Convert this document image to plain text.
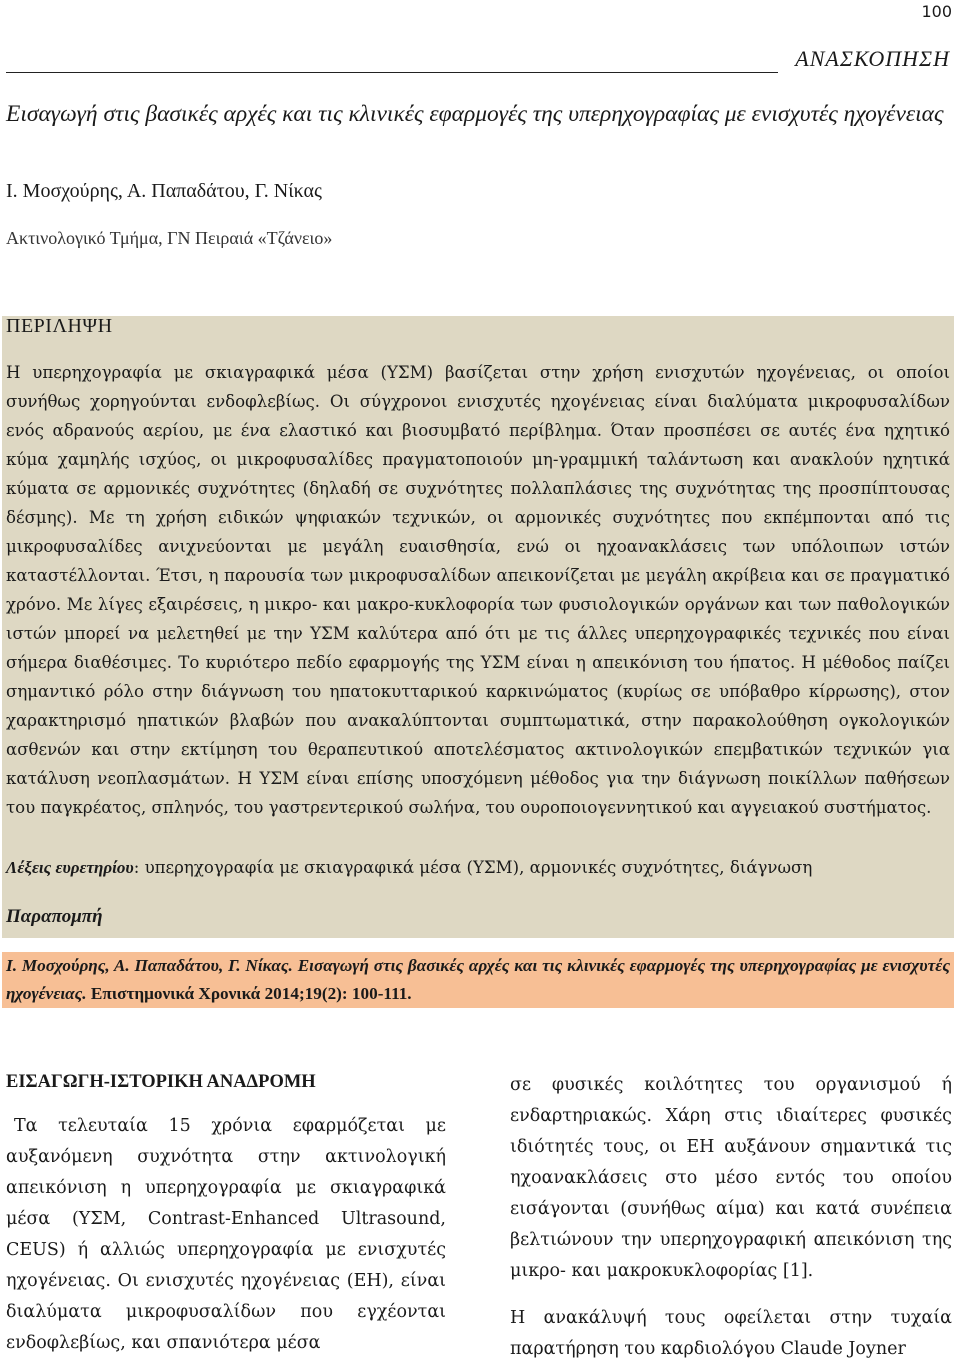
100
ΑΝΑΣΚΟΠΗΣΗ
Εισαγωγή στις βασικές αρχές και τις κλινικές εφαρμογές της υπερηχογραφίας με ενισχυτές ηχογένειας
Ι. Μοσχούρης, Α. Παπαδάτου, Γ. Νίκας
Ακτινολογικό Τμήμα, ΓΝ Πειραιά «Τζάνειο»
ΠΕΡΙΛΗΨΗ
Η υπερηχογραφία με σκιαγραφικά μέσα (ΥΣΜ) βασίζεται στην χρήση ενισχυτών ηχογένειας, οι οποίοι συνήθως χορηγούνται ενδοφλεβίως. Οι σύγχρονοι ενισχυτές ηχογένειας είναι διαλύματα μικροφυσαλίδων ενός αδρανούς αερίου, με ένα ελαστικό και βιοσυμβατό περίβλημα. Όταν προσπέσει σε αυτές ένα ηχητικό κύμα χαμηλής ισχύος, οι μικροφυσαλίδες πραγματοποιούν μη-γραμμική ταλάντωση και ανακλούν ηχητικά κύματα σε αρμονικές συχνότητες (δηλαδή σε συχνότητες πολλαπλάσιες της συχνότητας της προσπίπτουσας δέσμης). Με τη χρήση ειδικών ψηφιακών τεχνικών, οι αρμονικές συχνότητες που εκπέμπονται από τις μικροφυσαλίδες ανιχνεύονται με μεγάλη ευαισθησία, ενώ οι ηχοανακλάσεις των υπόλοιπων ιστών καταστέλλονται. Έτσι, η παρουσία των μικροφυσαλίδων απεικονίζεται με μεγάλη ακρίβεια και σε πραγματικό χρόνο. Με λίγες εξαιρέσεις, η μικρο- και μακρο-κυκλοφορία των φυσιολογικών οργάνων και των παθολογικών ιστών μπορεί να μελετηθεί με την ΥΣΜ καλύτερα από ότι με τις άλλες υπερηχογραφικές τεχνικές που είναι σήμερα διαθέσιμες. Το κυριότερο πεδίο εφαρμογής της ΥΣΜ είναι η απεικόνιση του ήπατος. Η μέθοδος παίζει σημαντικό ρόλο στην διάγνωση του ηπατοκυτταρικού καρκινώματος (κυρίως σε υπόβαθρο κίρρωσης), στον χαρακτηρισμό ηπατικών βλαβών που ανακαλύπτονται συμπτωματικά, στην παρακολούθηση ογκολογικών ασθενών και στην εκτίμηση του θεραπευτικού αποτελέσματος ακτινολογικών επεμβατικών τεχνικών για κατάλυση νεοπλασμάτων. Η ΥΣΜ είναι επίσης υποσχόμενη μέθοδος για την διάγνωση ποικίλλων παθήσεων του παγκρέατος, σπληνός, του γαστρεντερικού σωλήνα, του ουροποιογεννητικού και αγγειακού συστήματος.
Λέξεις ευρετηρίου: υπερηχογραφία με σκιαγραφικά μέσα (ΥΣΜ), αρμονικές συχνότητες, διάγνωση
Παραπομπή
Ι. Μοσχούρης, Α. Παπαδάτου, Γ. Νίκας. Εισαγωγή στις βασικές αρχές και τις κλινικές εφαρμογές της υπερηχογραφίας με ενισχυτές ηχογένειας. Επιστημονικά Χρονικά 2014;19(2): 100-111.
ΕΙΣΑΓΩΓΗ-ΙΣΤΟΡΙΚΗ ΑΝΑΔΡΟΜΗ

Τα τελευταία 15 χρόνια εφαρμόζεται με αυξανόμενη συχνότητα στην ακτινολογική απεικόνιση η υπερηχογραφία με σκιαγραφικά μέσα (ΥΣΜ, Contrast-Enhanced Ultrasound, CEUS) ή αλλιώς υπερηχογραφία με ενισχυτές ηχογένειας. Οι ενισχυτές ηχογένειας (ΕΗ), είναι διαλύματα μικροφυσαλίδων που εγχέονται ενδοφλεβίως, και σπανιότερα μέσα

σε φυσικές κοιλότητες του οργανισμού ή ενδαρτηριακώς. Χάρη στις ιδιαίτερες φυσικές ιδιότητές τους, οι ΕΗ αυξάνουν σημαντικά τις ηχοανακλάσεις στο μέσο εντός του οποίου εισάγονται (συνήθως αίμα) και κατά συνέπεια βελτιώνουν την υπερηχογραφική απεικόνιση της μικρο- και μακροκυκλοφορίας [1].

Η ανακάλυψή τους οφείλεται στην τυχαία παρατήρηση του καρδιολόγου Claude Joyner
